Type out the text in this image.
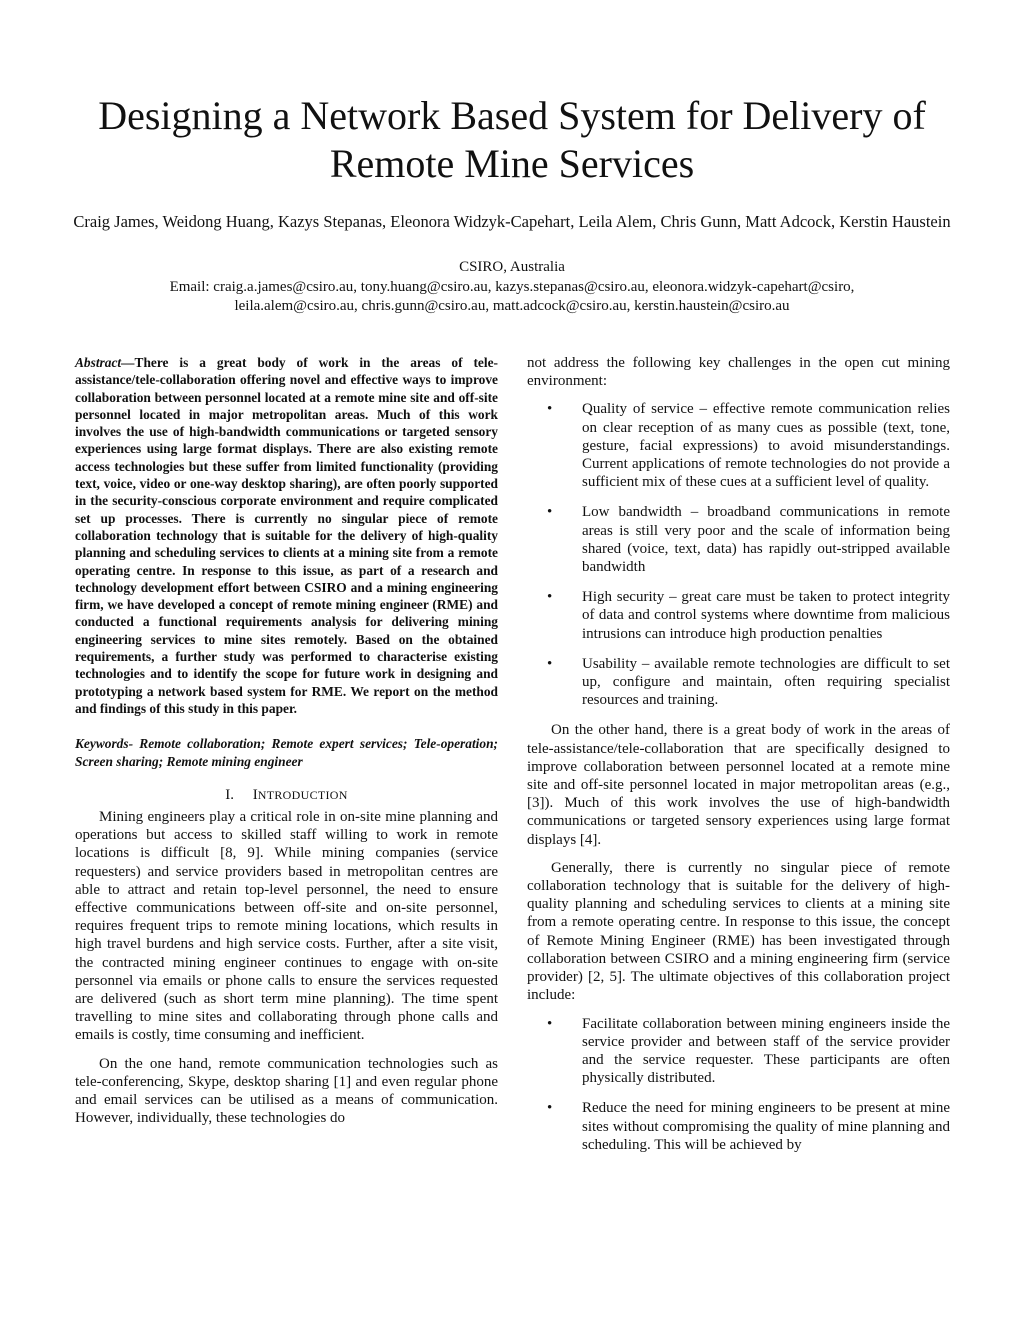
Designing a Network Based System for Delivery of Remote Mine Services

Craig James, Weidong Huang, Kazys Stepanas, Eleonora Widzyk-Capehart, Leila Alem, Chris Gunn, Matt Adcock, Kerstin Haustein

CSIRO, Australia

Email: craig.a.james@csiro.au, tony.huang@csiro.au, kazys.stepanas@csiro.au, eleonora.widzyk-capehart@csiro,
leila.alem@csiro.au, chris.gunn@csiro.au, matt.adcock@csiro.au, kerstin.haustein@csiro.au

Abstract—There is a great body of work in the areas of tele-assistance/tele-collaboration offering novel and effective ways to improve collaboration between personnel located at a remote mine site and off-site personnel located in major metropolitan areas. Much of this work involves the use of high-bandwidth communications or targeted sensory experiences using large format displays. There are also existing remote access technologies but these suffer from limited functionality (providing text, voice, video or one-way desktop sharing), are often poorly supported in the security-conscious corporate environment and require complicated set up processes. There is currently no singular piece of remote collaboration technology that is suitable for the delivery of high-quality planning and scheduling services to clients at a mining site from a remote operating centre. In response to this issue, as part of a research and technology development effort between CSIRO and a mining engineering firm, we have developed a concept of remote mining engineer (RME) and conducted a functional requirements analysis for delivering mining engineering services to mine sites remotely. Based on the obtained requirements, a further study was performed to characterise existing technologies and to identify the scope for future work in designing and prototyping a network based system for RME. We report on the method and findings of this study in this paper.

Keywords- Remote collaboration; Remote expert services; Tele-operation; Screen sharing; Remote mining engineer

I. INTRODUCTION

Mining engineers play a critical role in on-site mine planning and operations but access to skilled staff willing to work in remote locations is difficult [8, 9]. While mining companies (service requesters) and service providers based in metropolitan centres are able to attract and retain top-level personnel, the need to ensure effective communications between off-site and on-site personnel, requires frequent trips to remote mining locations, which results in high travel burdens and high service costs. Further, after a site visit, the contracted mining engineer continues to engage with on-site personnel via emails or phone calls to ensure the services requested are delivered (such as short term mine planning). The time spent travelling to mine sites and collaborating through phone calls and emails is costly, time consuming and inefficient.

On the one hand, remote communication technologies such as tele-conferencing, Skype, desktop sharing [1] and even regular phone and email services can be utilised as a means of communication. However, individually, these technologies do

not address the following key challenges in the open cut mining environment:

• Quality of service – effective remote communication relies on clear reception of as many cues as possible (text, tone, gesture, facial expressions) to avoid misunderstandings. Current applications of remote technologies do not provide a sufficient mix of these cues at a sufficient level of quality.
• Low bandwidth – broadband communications in remote areas is still very poor and the scale of information being shared (voice, text, data) has rapidly out-stripped available bandwidth
• High security – great care must be taken to protect integrity of data and control systems where downtime from malicious intrusions can introduce high production penalties
• Usability – available remote technologies are difficult to set up, configure and maintain, often requiring specialist resources and training.

On the other hand, there is a great body of work in the areas of tele-assistance/tele-collaboration that are specifically designed to improve collaboration between personnel located at a remote mine site and off-site personnel located in major metropolitan areas (e.g., [3]). Much of this work involves the use of high-bandwidth communications or targeted sensory experiences using large format displays [4].

Generally, there is currently no singular piece of remote collaboration technology that is suitable for the delivery of high-quality planning and scheduling services to clients at a mining site from a remote operating centre. In response to this issue, the concept of Remote Mining Engineer (RME) has been investigated through collaboration between CSIRO and a mining engineering firm (service provider) [2, 5]. The ultimate objectives of this collaboration project include:

• Facilitate collaboration between mining engineers inside the service provider and between staff of the service provider and the service requester. These participants are often physically distributed.
• Reduce the need for mining engineers to be present at mine sites without compromising the quality of mine planning and scheduling. This will be achieved by
